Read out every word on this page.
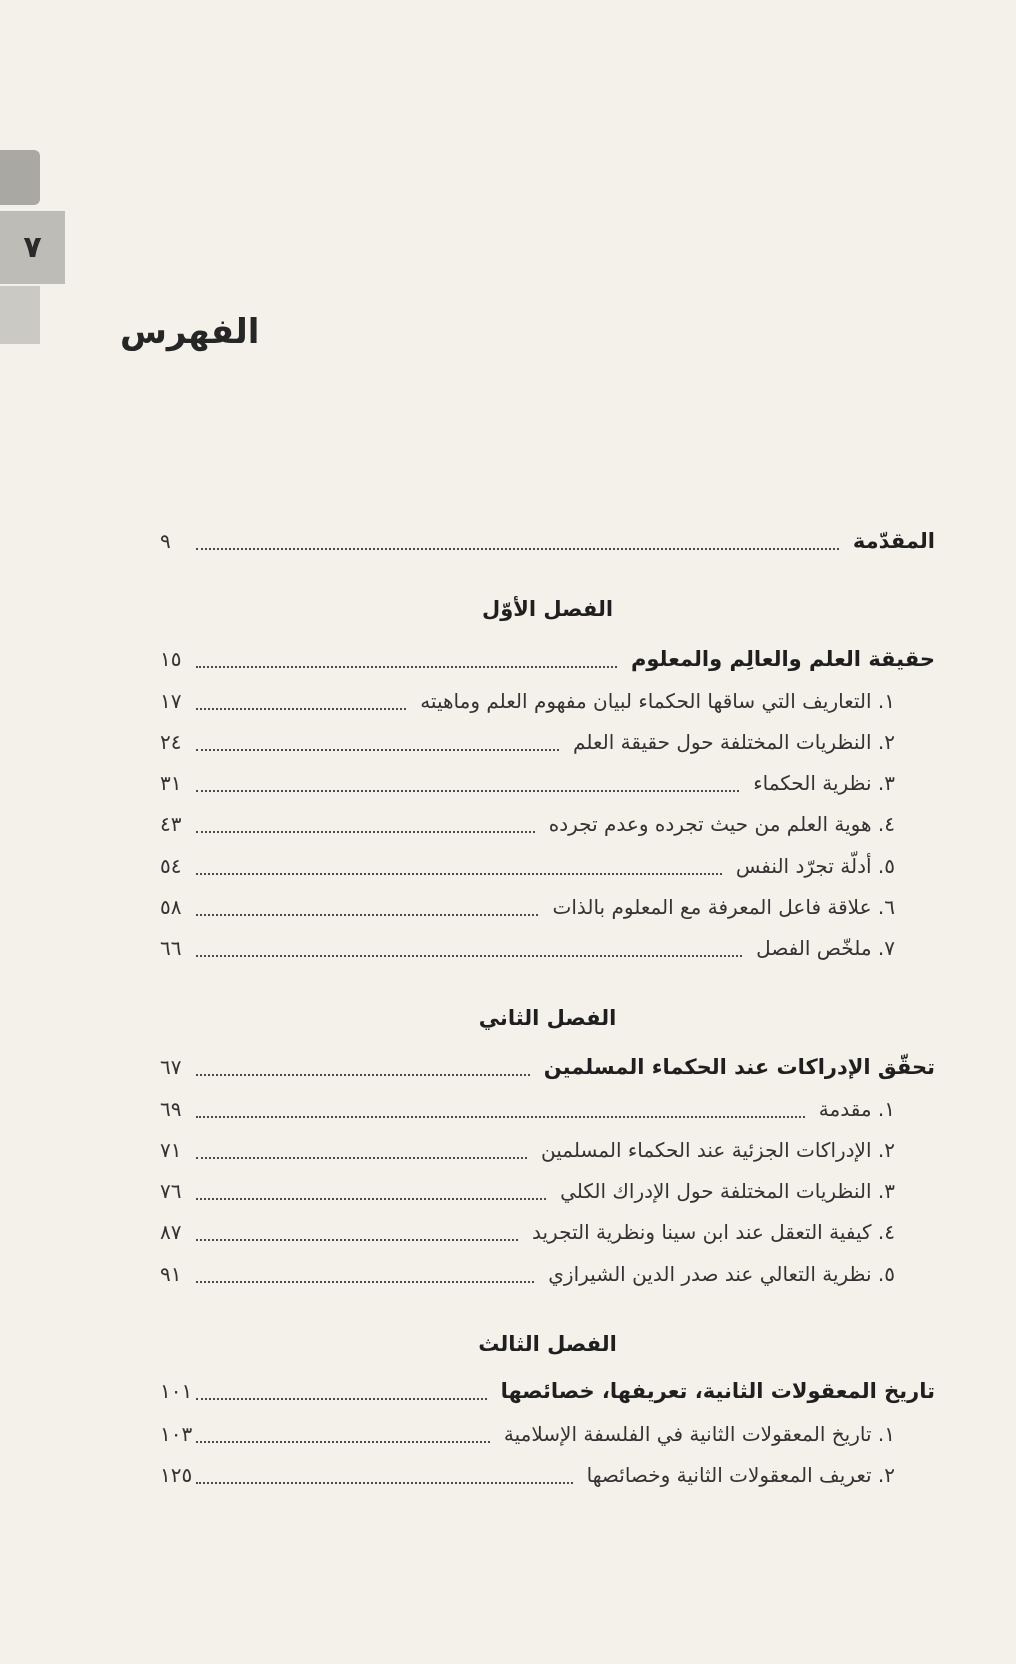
٧
الفهرس
المقدّمة
٩
الفصل الأوّل
حقيقة العلم والعالِم والمعلوم
١٥
١. التعاريف التي ساقها الحكماء لبيان مفهوم العلم وماهيته
١٧
٢. النظريات المختلفة حول حقيقة العلم
٢٤
٣. نظرية الحكماء
٣١
٤. هوية العلم من حيث تجرده وعدم تجرده
٤٣
٥. أدلّة تجرّد النفس
٥٤
٦. علاقة فاعل المعرفة مع المعلوم بالذات
٥٨
٧. ملخّص الفصل
٦٦
الفصل الثاني
تحقّق الإدراكات عند الحكماء المسلمين
٦٧
١. مقدمة
٦٩
٢. الإدراكات الجزئية عند الحكماء المسلمين
٧١
٣. النظريات المختلفة حول الإدراك الكلي
٧٦
٤. كيفية التعقل عند ابن سينا ونظرية التجريد
٨٧
٥. نظرية التعالي عند صدر الدين الشيرازي
٩١
الفصل الثالث
تاريخ المعقولات الثانية، تعريفها، خصائصها
١٠١
١. تاريخ المعقولات الثانية في الفلسفة الإسلامية
١٠٣
٢. تعريف المعقولات الثانية وخصائصها
١٢٥
